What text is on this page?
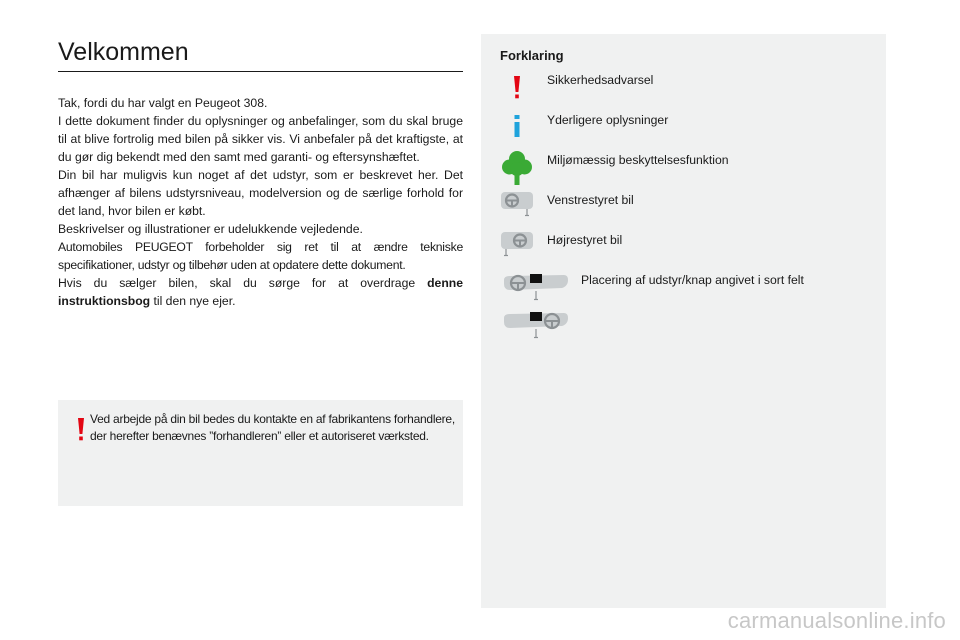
Velkommen

Tak, fordi du har valgt en Peugeot 308.

I dette dokument finder du oplysninger og anbefalinger, som du skal bruge til at blive fortrolig med bilen på sikker vis. Vi anbefaler på det kraftigste, at du gør dig bekendt med den samt med garanti- og eftersynshæftet.

Din bil har muligvis kun noget af det udstyr, som er beskrevet her. Det afhænger af bilens udstyrsniveau, modelversion og de særlige forhold for det land, hvor bilen er købt.

Beskrivelser og illustrationer er udelukkende vejledende.

Automobiles PEUGEOT forbeholder sig ret til at ændre tekniske specifikationer, udstyr og tilbehør uden at opdatere dette dokument.

Hvis du sælger bilen, skal du sørge for at overdrage denne instruktionsbog til den nye ejer.

Ved arbejde på din bil bedes du kontakte en af fabrikantens forhandlere, der herefter benævnes ”forhandleren” eller et autoriseret værksted.
Forklaring
Sikkerhedsadvarsel
Yderligere oplysninger
Miljømæssig beskyttelsesfunktion
Venstrestyret bil
Højrestyret bil
Placering af udstyr/knap angivet i sort felt
carmanualsonline.info
